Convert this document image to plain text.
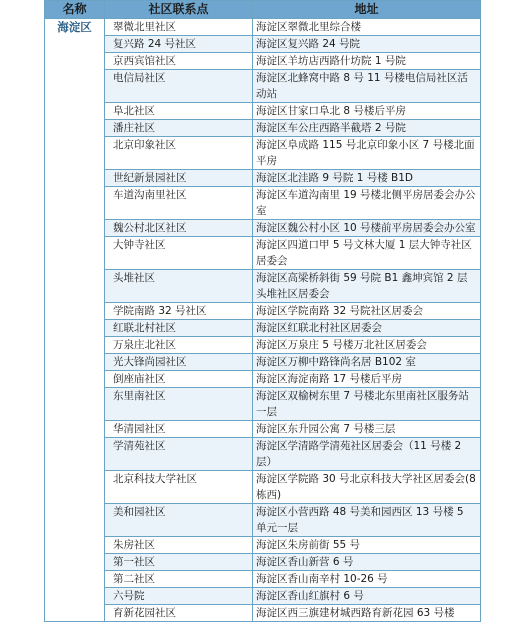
名称	社区联系点	地址
海淀区	翠微北里社区	海淀区翠微北里综合楼
	复兴路 24 号社区	海淀区复兴路 24 号院
	京西宾馆社区	海淀区羊坊店西路什坊院 1 号院
	电信局社区	海淀区北蜂窝中路 8 号 11 号楼电信局社区活动站
	阜北社区	海淀区甘家口阜北 8 号楼后平房
	潘庄社区	海淀区车公庄西路半截塔 2 号院
	北京印象社区	海淀区阜成路 115 号北京印象小区 7 号楼北面平房
	世纪新景园社区	海淀区北洼路 9 号院 1 号楼 B1D
	车道沟南里社区	海淀区车道沟南里 19 号楼北侧平房居委会办公室
	魏公村北区社区	海淀区魏公村小区 10 号楼前平房居委会办公室
	大钟寺社区	海淀区四道口甲 5 号文林大厦 1 层大钟寺社区居委会
	头堆社区	海淀区高梁桥斜街 59 号院 B1 鑫坤宾馆 2 层头堆社区居委会
	学院南路 32 号社区	海淀区学院南路 32 号院社区居委会
	红联北村社区	海淀区红联北村社区居委会
	万泉庄北社区	海淀区万泉庄 5 号楼万北社区居委会
	光大锋尚园社区	海淀区万柳中路锋尚名居 B102 室
	倒座庙社区	海淀区海淀南路 17 号楼后平房
	东里南社区	海淀区双榆树东里 7 号楼北东里南社区服务站一层
	华清园社区	海淀区东升园公寓 7 号楼三层
	学清苑社区	海淀区学清路学清苑社区居委会（11 号楼 2 层）
	北京科技大学社区	海淀区学院路 30 号北京科技大学社区居委会(8 栋西)
	美和园社区	海淀区小营西路 48 号美和园西区 13 号楼 5 单元一层
	朱房社区	海淀区朱房前街 55 号
	第一社区	海淀区香山新营 6 号
	第二社区	海淀区香山南辛村 10-26 号
	六号院	海淀区香山红旗村 6 号
	育新花园社区	海淀区西三旗建材城西路育新花园 63 号楼
